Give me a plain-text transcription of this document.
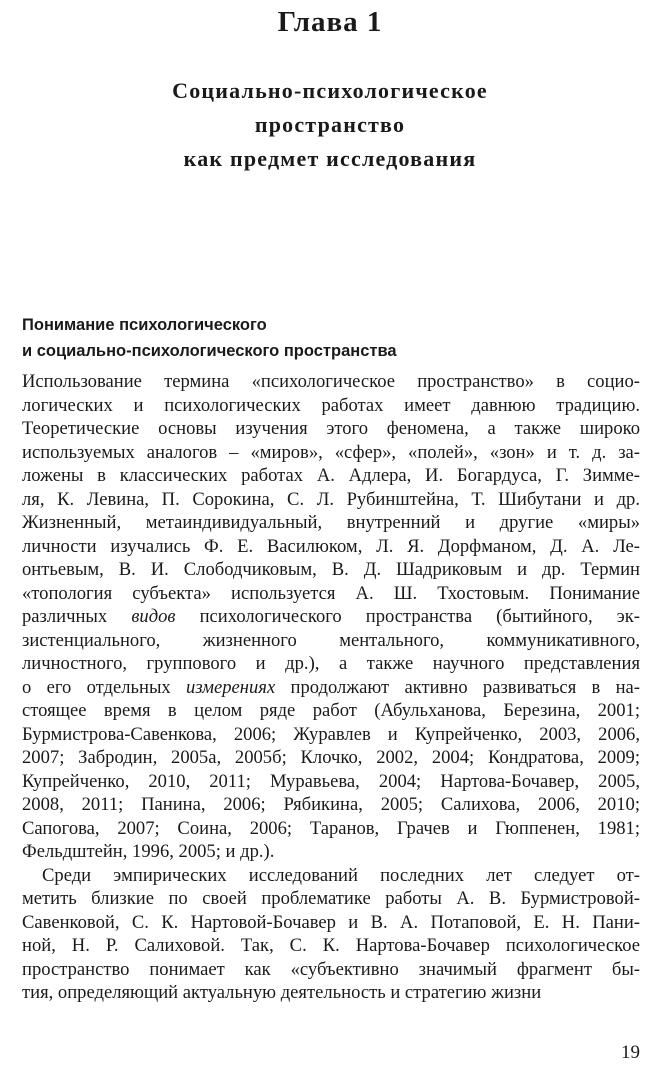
Глава 1
Социально-психологическое
пространство
как предмет исследования
Понимание психологического
и социально-психологического пространства
Использование термина «психологическое пространство» в социо-
логических и психологических работах имеет давнюю традицию.
Теоретические основы изучения этого феномена, а также широко
используемых аналогов – «миров», «сфер», «полей», «зон» и т. д. за-
ложены в классических работах А. Адлера, И. Богардуса, Г. Зимме-
ля, К. Левина, П. Сорокина, С. Л. Рубинштейна, Т. Шибутани и др.
Жизненный, метаиндивидуальный, внутренний и другие «миры»
личности изучались Ф. Е. Василюком, Л. Я. Дорфманом, Д. А. Ле-
онтьевым, В. И. Слободчиковым, В. Д. Шадриковым и др. Термин
«топология субъекта» используется А. Ш. Тхостовым. Понимание
различных видов психологического пространства (бытийного, эк-
зистенциального, жизненного ментального, коммуникативного,
личностного, группового и др.), а также научного представления
о его отдельных измерениях продолжают активно развиваться в на-
стоящее время в целом ряде работ (Абульханова, Березина, 2001;
Бурмистрова-Савенкова, 2006; Журавлев и Купрейченко, 2003, 2006,
2007; Забродин, 2005а, 2005б; Клочко, 2002, 2004; Кондратова, 2009;
Купрейченко, 2010, 2011; Муравьева, 2004; Нартова-Бочавер, 2005,
2008, 2011; Панина, 2006; Рябикина, 2005; Салихова, 2006, 2010;
Сапогова, 2007; Соина, 2006; Таранов, Грачев и Гюппенен, 1981;
Фельдштейн, 1996, 2005; и др.).
Среди эмпирических исследований последних лет следует от-
метить близкие по своей проблематике работы А. В. Бурмистровой-
Савенковой, С. К. Нартовой-Бочавер и В. А. Потаповой, Е. Н. Пани-
ной, Н. Р. Салиховой. Так, С. К. Нартова-Бочавер психологическое
пространство понимает как «субъективно значимый фрагмент бы-
тия, определяющий актуальную деятельность и стратегию жизни
19
